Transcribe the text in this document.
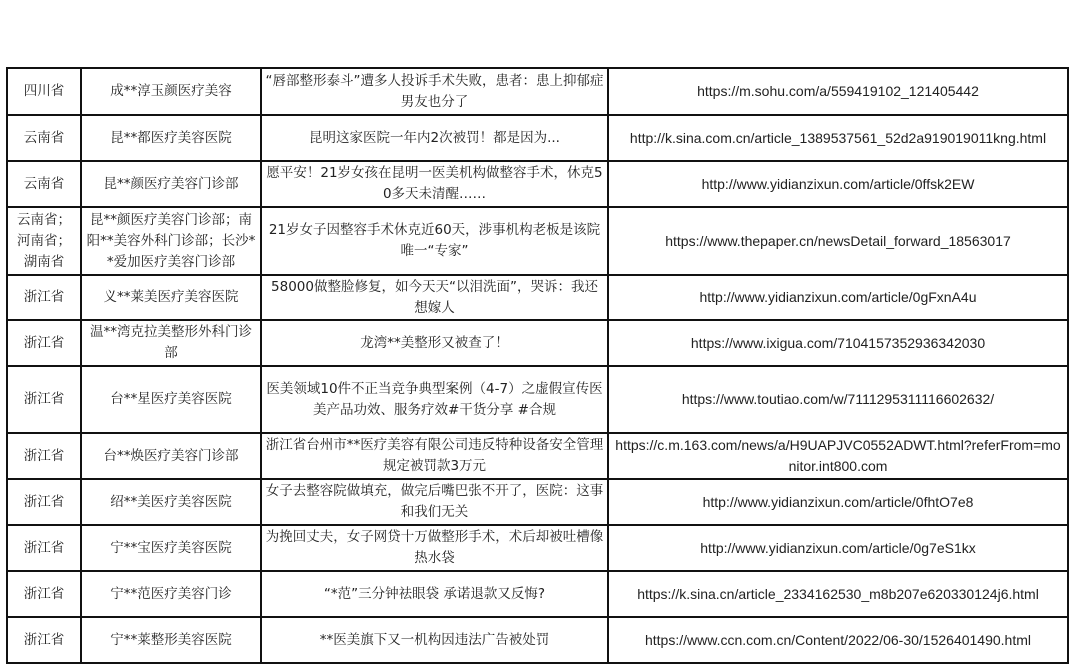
四川省	成**淳玉颜医疗美容	“唇部整形泰斗”遭多人投诉手术失败，患者：患上抑郁症 男友也分了	https://m.sohu.com/a/559419102_121405442
云南省	昆**都医疗美容医院	昆明这家医院一年内2次被罚！都是因为...	http://k.sina.com.cn/article_1389537561_52d2a919019011kng.html
云南省	昆**颜医疗美容门诊部	愿平安！21岁女孩在昆明一医美机构做整容手术，休克50多天未清醒……	http://www.yidianzixun.com/article/0ffsk2EW
云南省；河南省；湖南省	昆**颜医疗美容门诊部；南阳**美容外科门诊部；长沙**爱加医疗美容门诊部	21岁女子因整容手术休克近60天，涉事机构老板是该院唯一“专家”	https://www.thepaper.cn/newsDetail_forward_18563017
浙江省	义**莱美医疗美容医院	58000做整脸修复，如今天天“以泪洗面”，哭诉：我还想嫁人	http://www.yidianzixun.com/article/0gFxnA4u
浙江省	温**湾克拉美整形外科门诊部	龙湾**美整形又被查了！	https://www.ixigua.com/7104157352936342030
浙江省	台**星医疗美容医院	医美领域10件不正当竞争典型案例（4-7）之虚假宣传医美产品功效、服务疗效#干货分享 #合规	https://www.toutiao.com/w/7111295311116602632/
浙江省	台**焕医疗美容门诊部	浙江省台州市**医疗美容有限公司违反特种设备安全管理规定被罚款3万元	https://c.m.163.com/news/a/H9UAPJVC0552ADWT.html?referFrom=monitor.int800.com
浙江省	绍**美医疗美容医院	女子去整容院做填充，做完后嘴巴张不开了，医院：这事和我们无关	http://www.yidianzixun.com/article/0fhtO7e8
浙江省	宁**宝医疗美容医院	为挽回丈夫，女子网贷十万做整形手术，术后却被吐槽像热水袋	http://www.yidianzixun.com/article/0g7eS1kx
浙江省	宁**范医疗美容门诊	“*范”三分钟祛眼袋 承诺退款又反悔?	https://k.sina.cn/article_2334162530_m8b207e620330124j6.html
浙江省	宁**莱整形美容医院	**医美旗下又一机构因违法广告被处罚	https://www.ccn.com.cn/Content/2022/06-30/1526401490.html
